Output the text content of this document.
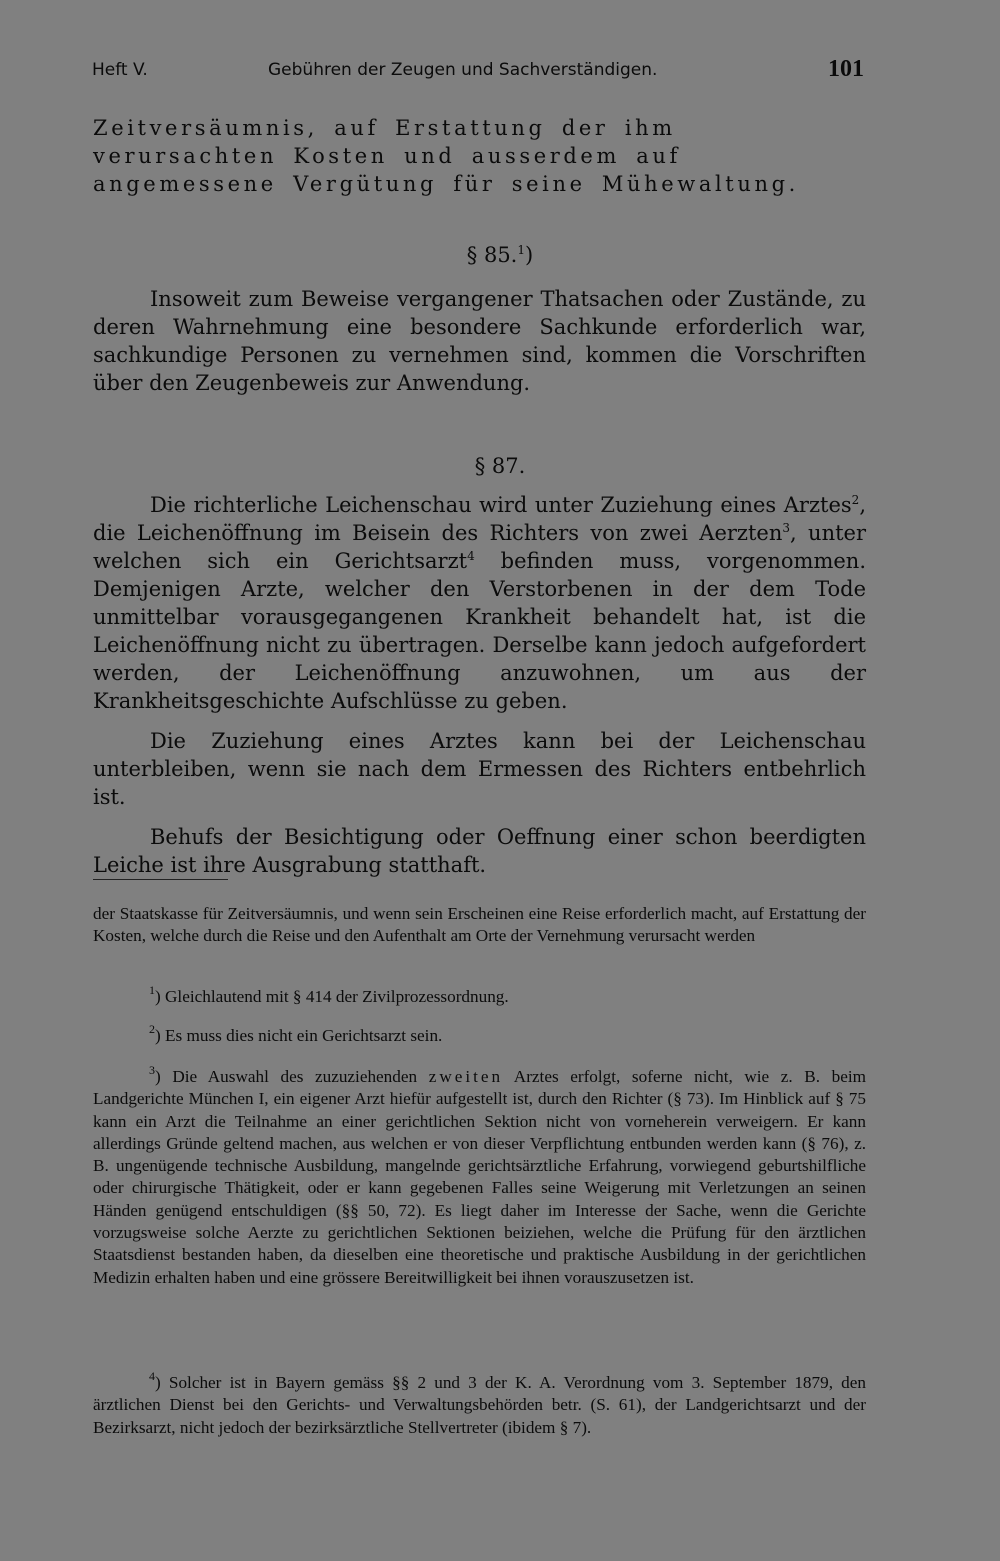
Heft V.	Gebühren der Zeugen und Sachverständigen.	101
Zeitversäumnis, auf Erstattung der ihm verursachten Kosten und ausserdem auf angemessene Vergütung für seine Mühewaltung.
§ 85.$^1$)

Insoweit zum Beweise vergangener Thatsachen oder Zustände, zu deren Wahrnehmung eine besondere Sachkunde erforderlich war, sachkundige Personen zu vernehmen sind, kommen die Vorschriften über den Zeugenbeweis zur Anwendung.

§ 87.

Die richterliche Leichenschau wird unter Zuziehung eines Arztes$^2$, die Leichenöffnung im Beisein des Richters von zwei Aerzten$^3$, unter welchen sich ein Gerichtsarzt$^4$ befinden muss, vorgenommen. Demjenigen Arzte, welcher den Verstorbenen in der dem Tode unmittelbar vorausgegangenen Krankheit behandelt hat, ist die Leichenöffnung nicht zu übertragen. Derselbe kann jedoch aufgefordert werden, der Leichenöffnung anzuwohnen, um aus der Krankheitsgeschichte Aufschlüsse zu geben.

Die Zuziehung eines Arztes kann bei der Leichenschau unterbleiben, wenn sie nach dem Ermessen des Richters entbehrlich ist.

Behufs der Besichtigung oder Oeffnung einer schon beerdigten Leiche ist ihre Ausgrabung statthaft.

der Staatskasse für Zeitversäumnis, und wenn sein Erscheinen eine Reise erforderlich macht, auf Erstattung der Kosten, welche durch die Reise und den Aufenthalt am Orte der Vernehmung verursacht werden

$^1$) Gleichlautend mit § 414 der Zivilprozessordnung.

$^2$) Es muss dies nicht ein Gerichtsarzt sein.

$^3$) Die Auswahl des zuzuziehenden zweiten Arztes erfolgt, soferne nicht, wie z. B. beim Landgerichte München I, ein eigener Arzt hiefür aufgestellt ist, durch den Richter (§ 73). Im Hinblick auf § 75 kann ein Arzt die Teilnahme an einer gerichtlichen Sektion nicht von vorneherein verweigern. Er kann allerdings Gründe geltend machen, aus welchen er von dieser Verpflichtung entbunden werden kann (§ 76), z. B. ungenügende technische Ausbildung, mangelnde gerichtsärztliche Erfahrung, vorwiegend geburtshilfliche oder chirurgische Thätigkeit, oder er kann gegebenen Falles seine Weigerung mit Verletzungen an seinen Händen genügend entschuldigen (§§ 50, 72). Es liegt daher im Interesse der Sache, wenn die Gerichte vorzugsweise solche Aerzte zu gerichtlichen Sektionen beiziehen, welche die Prüfung für den ärztlichen Staatsdienst bestanden haben, da dieselben eine theoretische und praktische Ausbildung in der gerichtlichen Medizin erhalten haben und eine grössere Bereitwilligkeit bei ihnen vorauszusetzen ist.

$^4$) Solcher ist in Bayern gemäss §§ 2 und 3 der K. A. Verordnung vom 3. September 1879, den ärztlichen Dienst bei den Gerichts- und Verwaltungsbehörden betr. (S. 61), der Landgerichtsarzt und der Bezirksarzt, nicht jedoch der bezirksärztliche Stellvertreter (ibidem § 7).
